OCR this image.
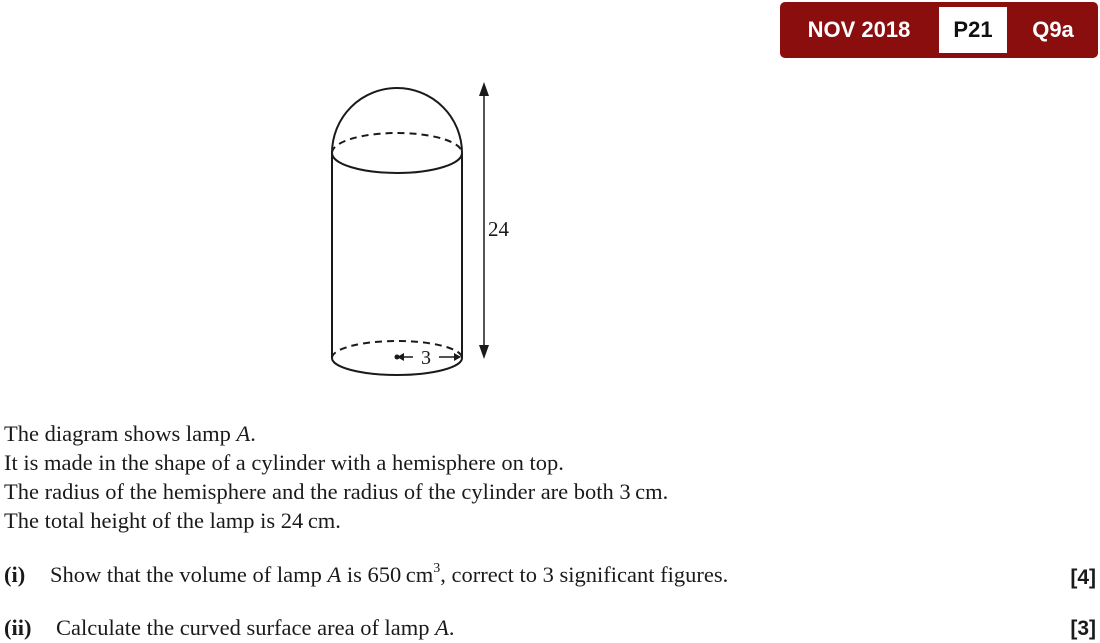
NOV 2018	P21	Q9a
3
24

The diagram shows lamp A.

It is made in the shape of a cylinder with a hemisphere on top.

The radius of the hemisphere and the radius of the cylinder are both 3 cm.

The total height of the lamp is 24 cm.

(i) Show that the volume of lamp A is 650 $cm^3$, correct to 3 significant figures.	[4]
(ii) Calculate the curved surface area of lamp A.	[3]
